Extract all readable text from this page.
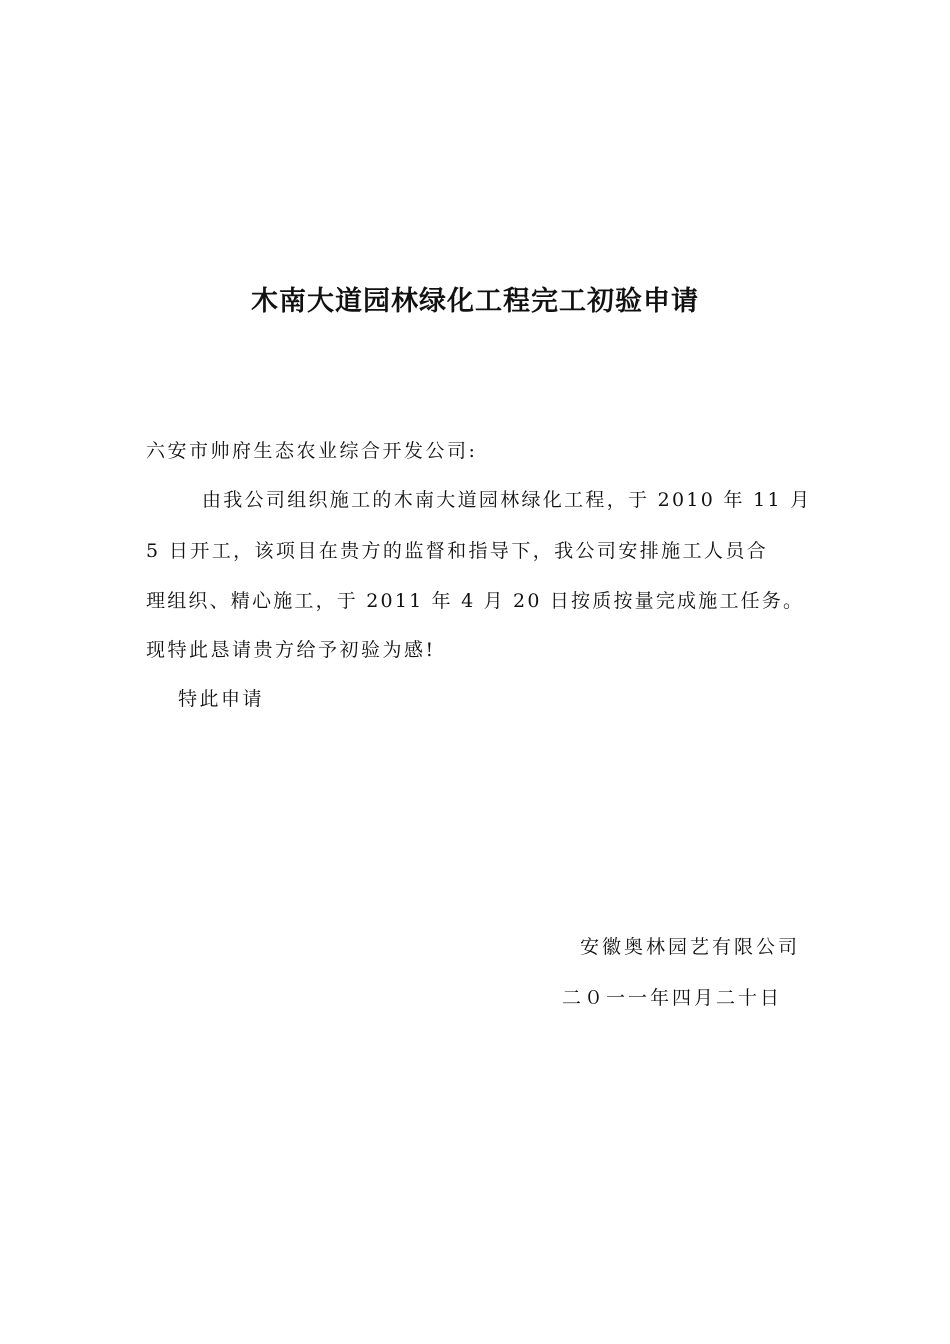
木南大道园林绿化工程完工初验申请

六安市帅府生态农业综合开发公司:

由我公司组织施工的木南大道园林绿化工程，于 2010 年 11 月

5 日开工，该项目在贵方的监督和指导下，我公司安排施工人员合

理组织、精心施工，于 2011 年 4 月 20 日按质按量完成施工任务。

现特此恳请贵方给予初验为感!

特此申请

安徽奥林园艺有限公司

二０一一年四月二十日
